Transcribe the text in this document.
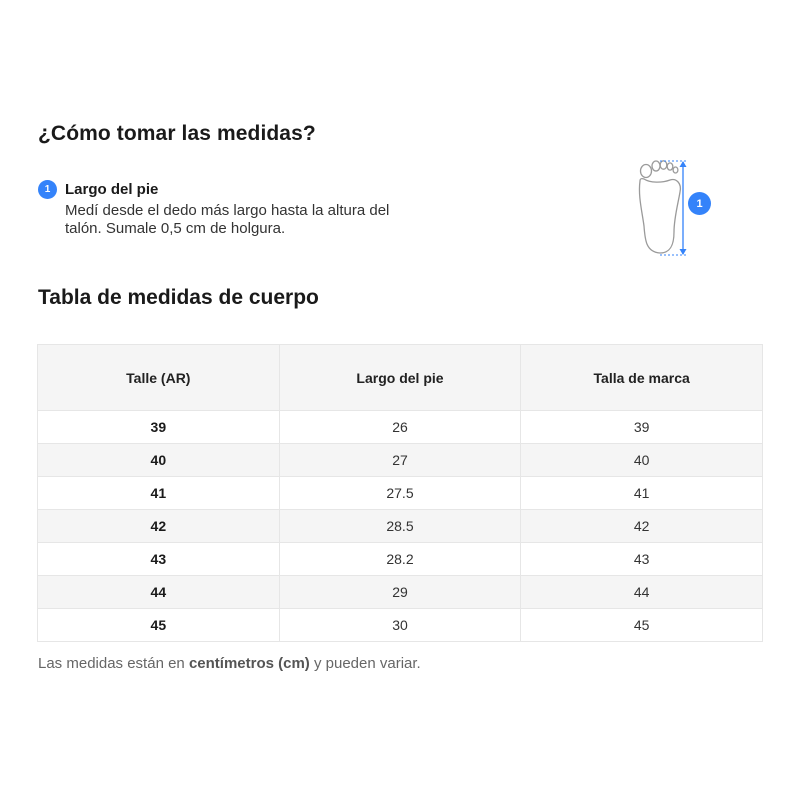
¿Cómo tomar las medidas?
1 Largo del pie
Medí desde el dedo más largo hasta la altura del talón. Sumale 0,5 cm de holgura.
1
Tabla de medidas de cuerpo
Talle (AR)	Largo del pie	Talla de marca
39	26	39
40	27	40
41	27.5	41
42	28.5	42
43	28.2	43
44	29	44
45	30	45
Las medidas están en centímetros (cm) y pueden variar.
